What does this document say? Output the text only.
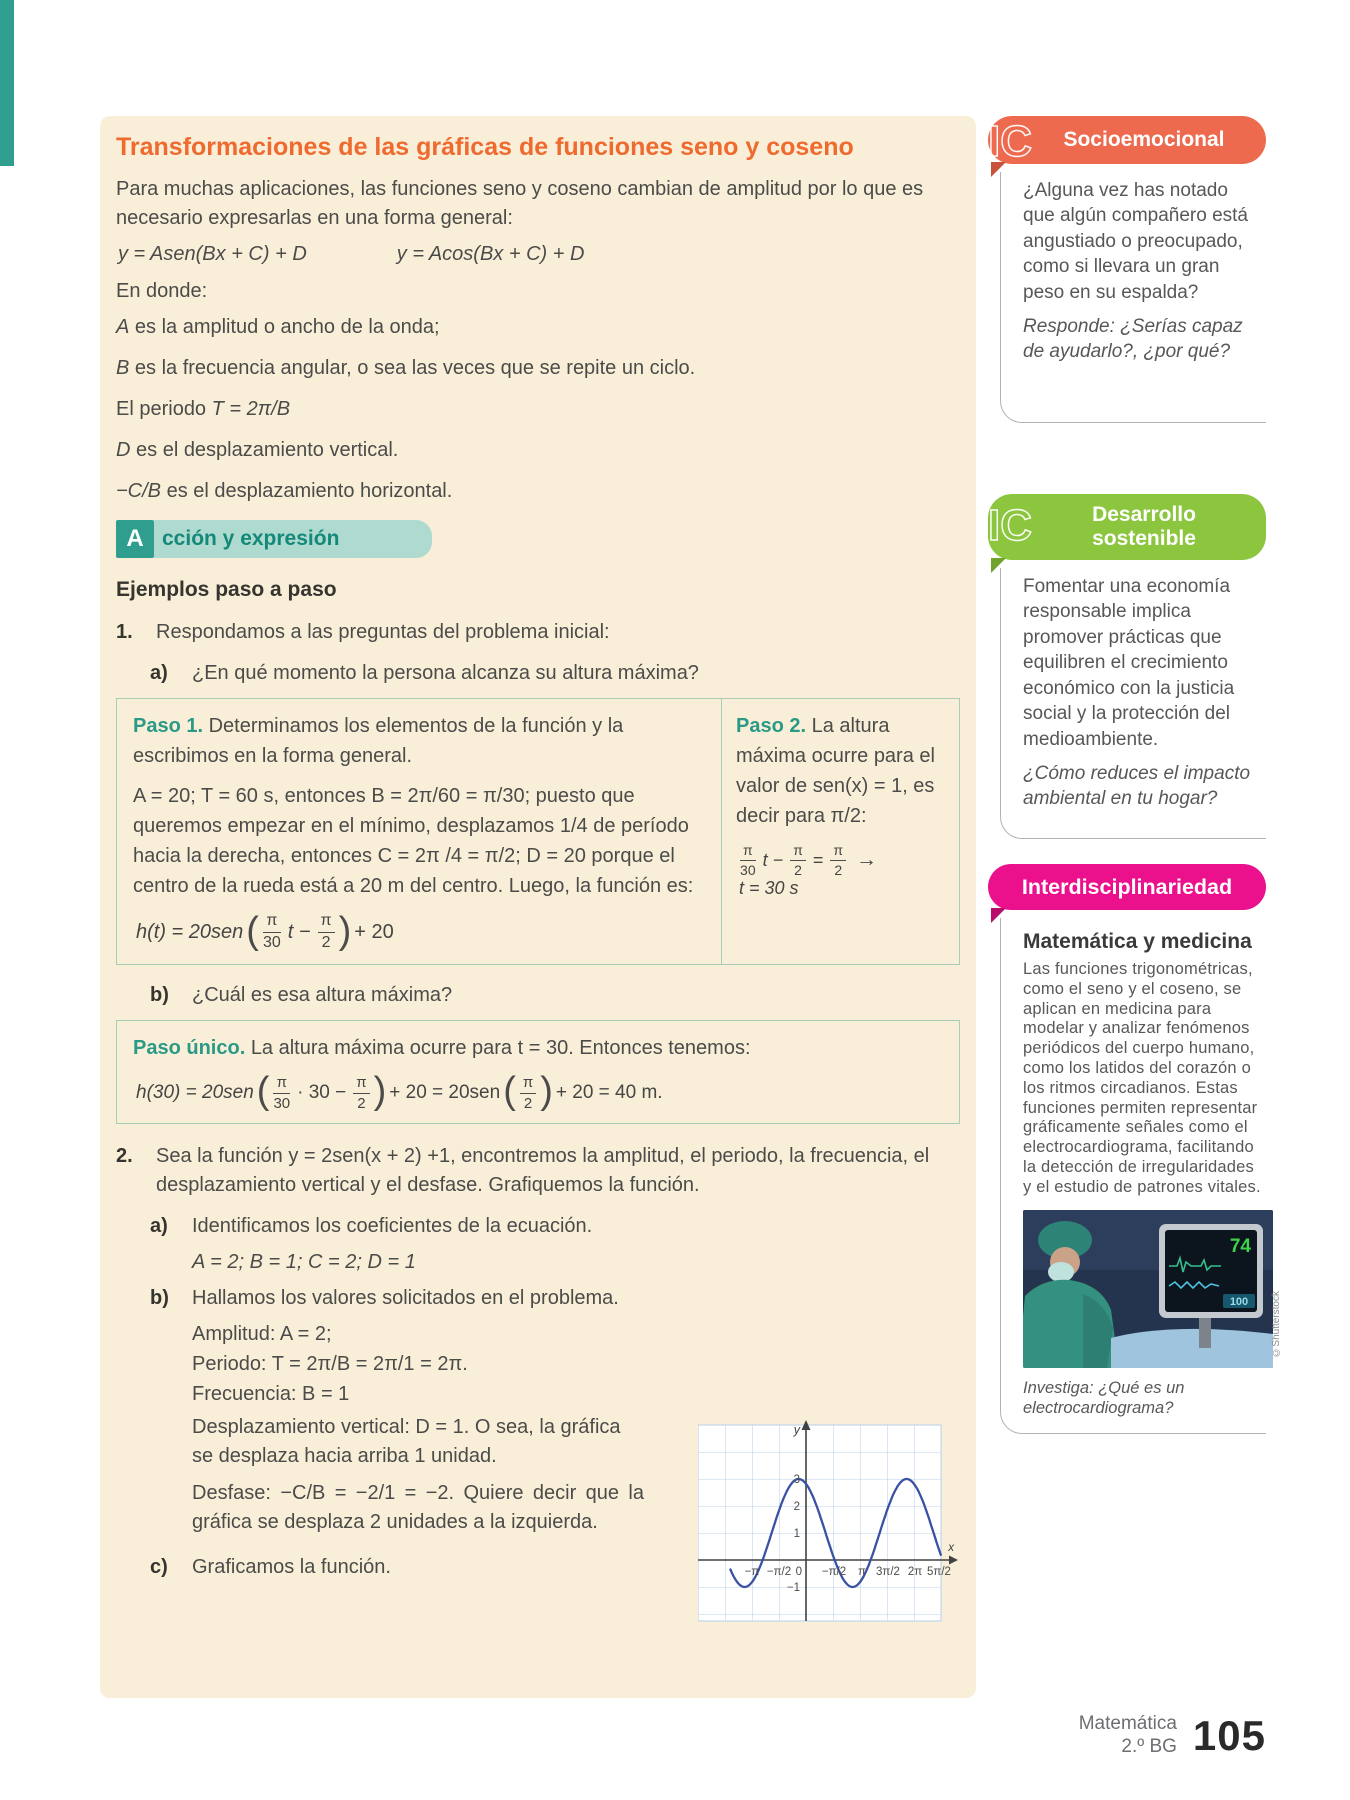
Transformaciones de las gráficas de funciones seno y coseno

Para muchas aplicaciones, las funciones seno y coseno cambian de amplitud por lo que es necesario expresarlas en una forma general:

y = Asen(Bx + C) + D	y = Acos(Bx + C) + D

En donde:

A es la amplitud o ancho de la onda;

B es la frecuencia angular, o sea las veces que se repite un ciclo.

El periodo T = 2π/B

D es el desplazamiento vertical.

−C/B es el desplazamiento horizontal.

A cción y expresión
Ejemplos paso a paso
1.	Respondamos a las preguntas del problema inicial:
a)	¿En qué momento la persona alcanza su altura máxima?

Paso 1. Determinamos los elementos de la función y la escribimos en la forma general.

A = 20; T = 60 s, entonces B = 2π/60 = π/30; puesto que queremos empezar en el mínimo, desplazamos 1/4 de período hacia la derecha, entonces C = 2π /4 = π/2; D = 20 porque el centro de la rueda está a 20 m del centro. Luego, la función es:

h(t) = 20sen ( $\frac{\pi}{30}$ $t - \frac{\pi}{2}$ ) + 20

Paso 2. La altura máxima ocurre para el valor de sen(x) = 1, es decir para π/2:

$\frac{\pi}{30}$ $t - \frac{\pi}{2} = \frac{\pi}{2}$ →
t = 30 s
b)	¿Cuál es esa altura máxima?

Paso único. La altura máxima ocurre para t = 30. Entonces tenemos:

h(30) = 20sen ( $\frac{\pi}{30} \cdot 30 - \frac{\pi}{2}$ ) + 20 = 20sen ( $\frac{\pi}{2}$ ) + 20 = 40 m.
2.	Sea la función y = 2sen(x + 2) +1, encontremos la amplitud, el periodo, la frecuencia, el desplazamiento vertical y el desfase. Grafiquemos la función.
a)	Identificamos los coeficientes de la ecuación.

A = 2; B = 1; C = 2; D = 1

b)	Hallamos los valores solicitados en el problema.

Amplitud: A = 2;

Periodo: T = 2π/B = 2π/1 = 2π.

Frecuencia: B = 1

Desplazamiento vertical: D = 1. O sea, la gráfica se desplaza hacia arriba 1 unidad.

Desfase: −C/B = −2/1 = −2. Quiere decir que la gráfica se desplaza 2 unidades a la izquierda.

c)	Graficamos la función.
y
x
3
2
1
−1
−π −π/2 0 −π/2 π 3π/2 2π 5π/2
IC Socioemocional

¿Alguna vez has notado que algún compañero está angustiado o preocupado, como si llevara un gran peso en su espalda?

Responde: ¿Serías capaz de ayudarlo?, ¿por qué?

IC	Desarrollo
sostenible

Fomentar una economía responsable implica promover prácticas que equilibren el crecimiento económico con la justicia social y la protección del medioambiente.

¿Cómo reduces el impacto ambiental en tu hogar?

Interdisciplinariedad
Matemática y medicina

Las funciones trigonométricas, como el seno y el coseno, se aplican en medicina para modelar y analizar fenómenos periódicos del cuerpo humano, como los latidos del corazón o los ritmos circadianos. Estas funciones permiten representar gráficamente señales como el electrocardiograma, facilitando la detección de irregularidades y el estudio de patrones vitales.

74
100 ©Shutterstock

Investiga: ¿Qué es un electrocardiograma?

Matemática
2.º BG 105
